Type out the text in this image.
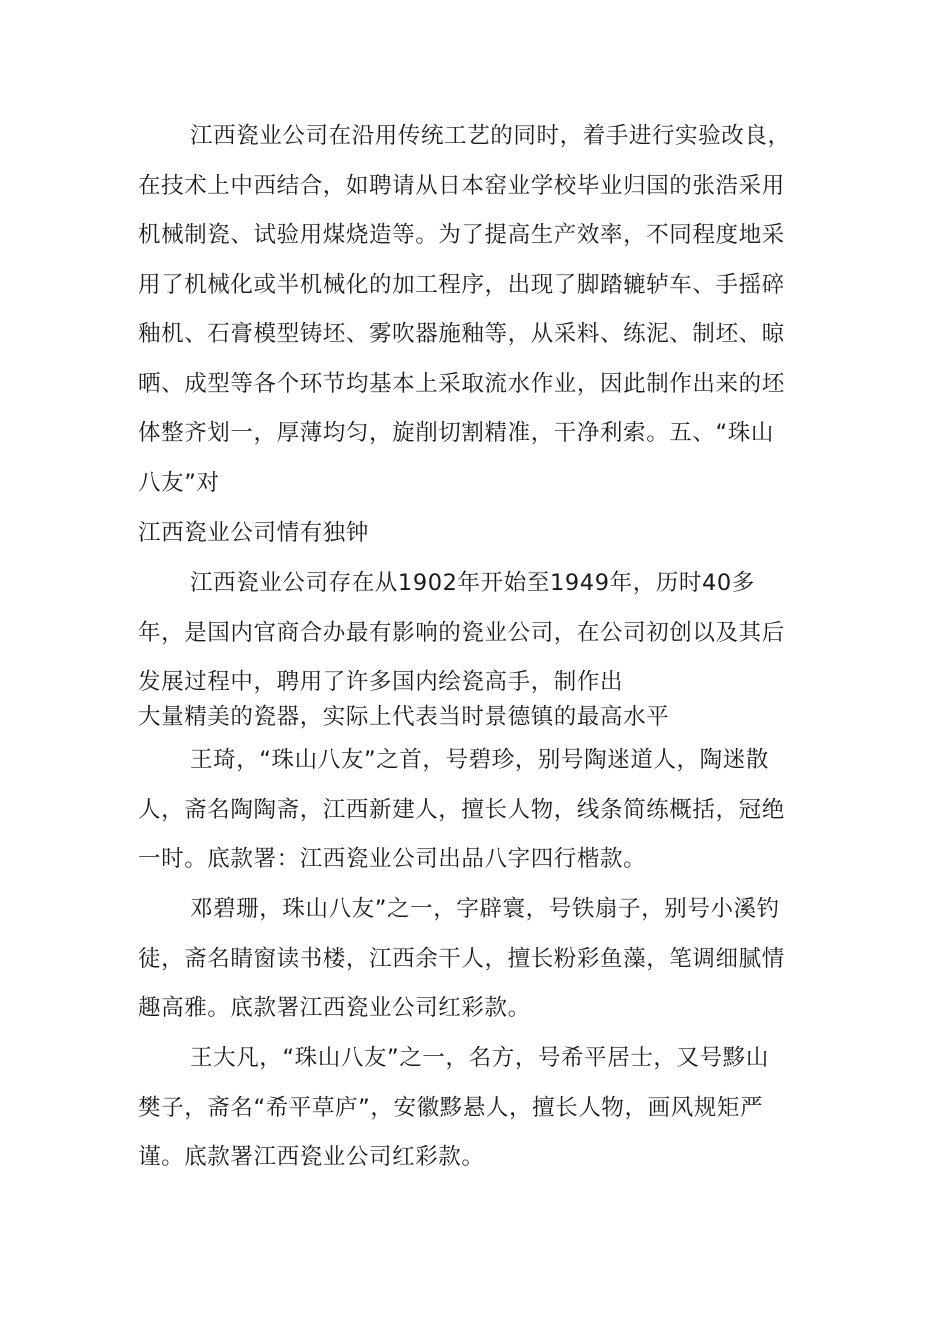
江西瓷业公司在沿用传统工艺的同时，着手进行实验改良，
在技术上中西结合，如聘请从日本窑业学校毕业归国的张浩采用
机械制瓷、试验用煤烧造等。为了提高生产效率，不同程度地采
用了机械化或半机械化的加工程序，出现了脚踏辘轳车、手摇碎
釉机、石膏模型铸坯、雾吹器施釉等，从采料、练泥、制坯、晾
晒、成型等各个环节均基本上采取流水作业，因此制作出来的坯
体整齐划一，厚薄均匀，旋削切割精准，干净利索。五、“珠山
八友”对
江西瓷业公司情有独钟
江西瓷业公司存在从1902年开始至1949年，历时40多
年，是国内官商合办最有影响的瓷业公司，在公司初创以及其后
发展过程中，聘用了许多国内绘瓷高手，制作出
大量精美的瓷器，实际上代表当时景德镇的最高水平
王琦，“珠山八友”之首，号碧珍，别号陶迷道人，陶迷散
人，斋名陶陶斋，江西新建人，擅长人物，线条简练概括，冠绝
一时。底款署：江西瓷业公司出品八字四行楷款。
邓碧珊，珠山八友”之一，字辟寰，号铁扇子，别号小溪钓
徒，斋名睛窗读书楼，江西余干人，擅长粉彩鱼藻，笔调细腻情
趣高雅。底款署江西瓷业公司红彩款。
王大凡，“珠山八友”之一，名方，号希平居士，又号黟山
樊子，斋名“希平草庐”，安徽黟悬人，擅长人物，画风规矩严
谨。底款署江西瓷业公司红彩款。
